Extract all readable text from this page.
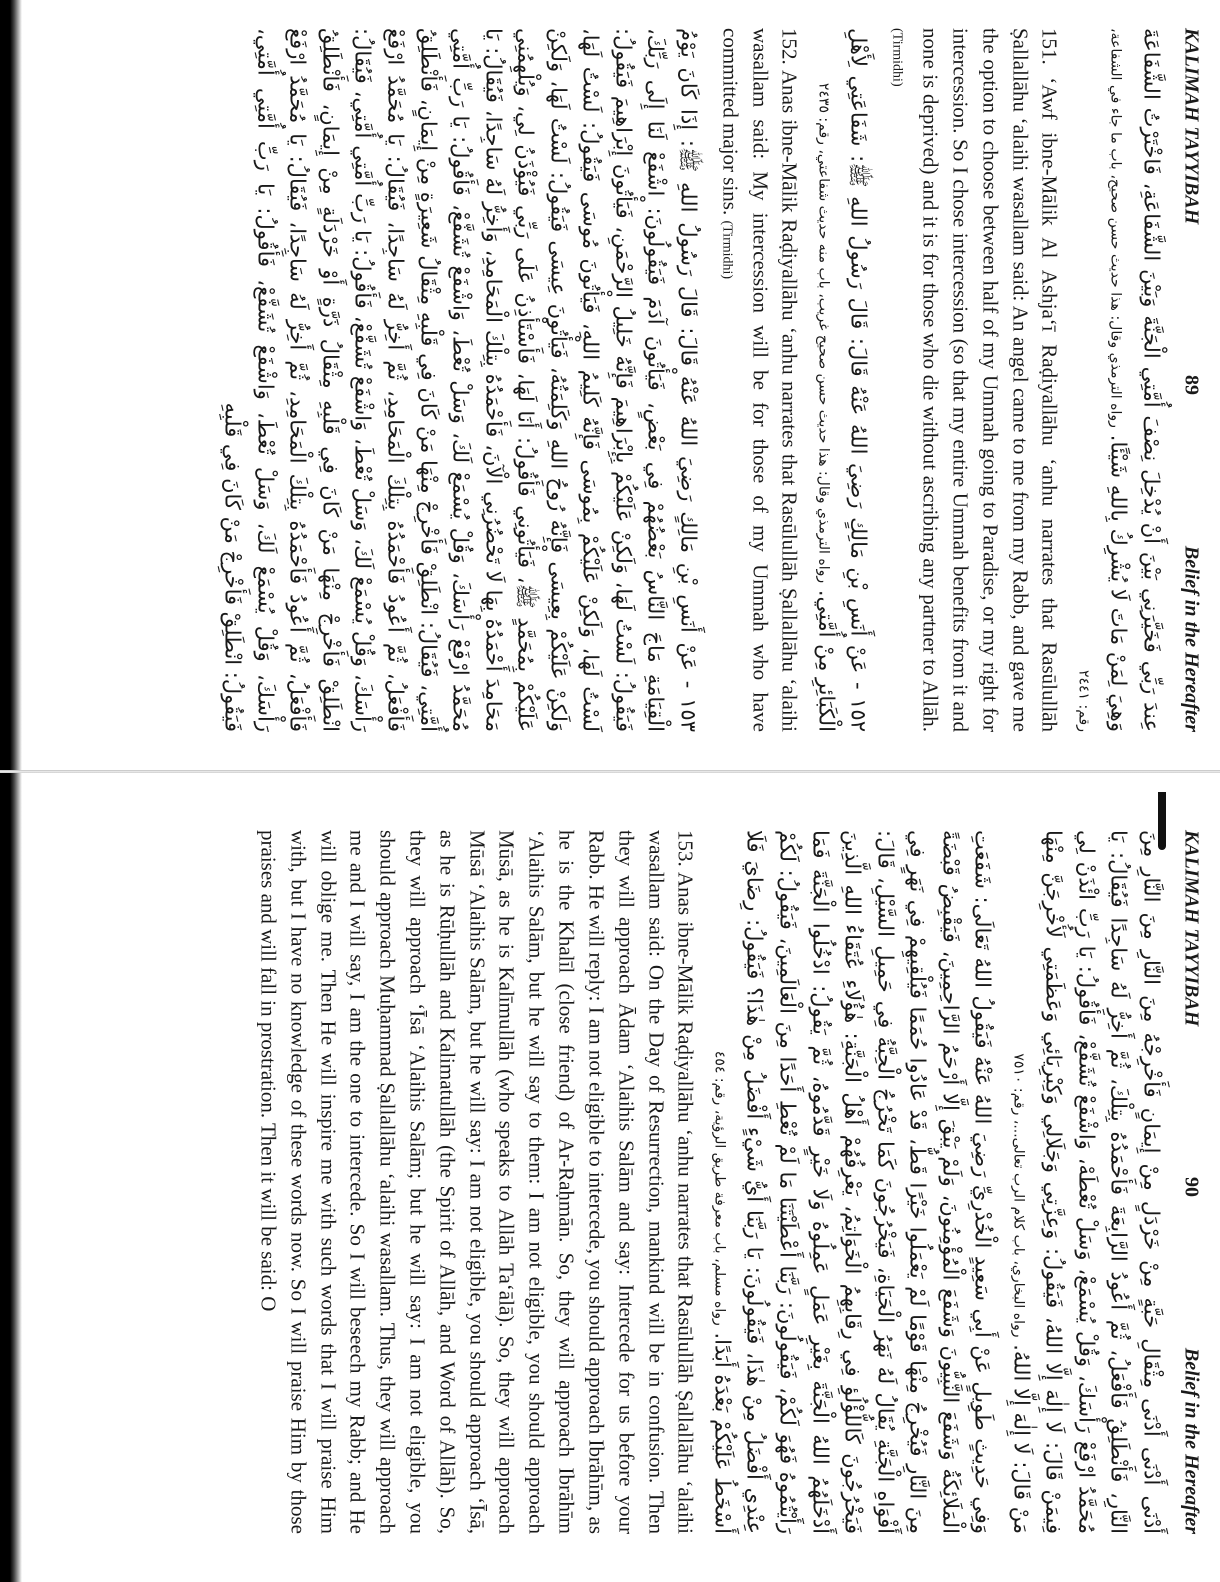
KALIMAH TAYYIBAH
89
Belief in the Hereafter

عِندَ رَبِّي فَخَيَّرَنِي بَيْنَ أَنْ يُدْخِلَ نِصْفَ أُمَّتِي الْجَنَّةَ وَبَيْنَ الشَّفَاعَةِ، فَاخْتَرْتُ الشَّفَاعَةَ وَهِيَ لِمَنْ مَاتَ لَا يُشْرِكُ بِاللهِ شَيْئًا. رواه الترمذي وقال: هذا حديث حسن صحيح، باب ما جاء في الشفاعة، رقم: ٢٤٤١

151. ‘Awf ibne-Mālik Al Ashja‘ī Raḍiyallāhu ‘anhu narrates that Rasūlullāh Ṣallallāhu ‘alaihi wasallam said: An angel came to me from my Rabb, and gave me the option to choose between half of my Ummah going to Paradise, or my right for intercession. So I chose intercession (so that my entire Ummah benefits from it and none is deprived) and it is for those who die without ascribing any partner to Allāh. (Tirmidhi)

١٥٢ - عَنْ أَنَسِ بْنِ مَالِكٍ رَضِيَ اللهُ عَنْهُ قَالَ: قَالَ رَسُولُ اللهِ ﷺ: شَفَاعَتِي لِأَهْلِ الْكَبَائِرِ مِنْ أُمَّتِي. رواه الترمذي وقال: هذا حديث حسن صحيح غريب، باب منه حديث شفاعتي، رقم: ٢٤٣٥

152. Anas ibne-Mālik Raḍiyallāhu ‘anhu narrates that Rasūlullāh Ṣallallāhu ‘alaihi wasallam said: My intercession will be for those of my Ummah who have committed major sins. (Tirmidhi)

١٥٣ - عَنْ أَنَسِ بْنِ مَالِكٍ رَضِيَ اللهُ عَنْهُ قَالَ: قَالَ رَسُولُ اللهِ ﷺ: إِذَا كَانَ يَوْمُ الْقِيَامَةِ مَاجَ النَّاسُ بَعْضُهُمْ فِي بَعْضٍ، فَيَأْتُونَ آدَمَ فَيَقُولُونَ: اشْفَعْ لَنَا إِلَى رَبِّكَ، فَيَقُولُ: لَسْتُ لَهَا، وَلَكِنْ عَلَيْكُمْ بِإِبْرَاهِيمَ فَإِنَّهُ خَلِيلُ الرَّحْمَنِ، فَيَأْتُونَ إِبْرَاهِيمَ فَيَقُولُ: لَسْتُ لَهَا، وَلَكِنْ عَلَيْكُمْ بِمُوسَى فَإِنَّهُ كَلِيمُ اللهِ، فَيَأْتُونَ مُوسَى فَيَقُولُ: لَسْتُ لَهَا، وَلَكِنْ عَلَيْكُمْ بِعِيسَى فَإِنَّهُ رُوحُ اللهِ وَكَلِمَتُهُ، فَيَأْتُونَ عِيسَى فَيَقُولُ: لَسْتُ لَهَا، وَلَكِنْ عَلَيْكُمْ بِمُحَمَّدٍ ﷺ، فَيَأْتُونِي فَأَقُولُ: أَنَا لَهَا، فَأَسْتَأْذِنُ عَلَى رَبِّي فَيُؤْذَنُ لِي، وَيُلْهِمُنِي مَحَامِدَ أَحْمَدُهُ بِهَا لَا تَحْضُرُنِي الْآنَ، فَأَحْمَدُهُ بِتِلْكَ الْمَحَامِدِ، وَأَخِرُّ لَهُ سَاجِدًا، فَيُقَالُ: يَا مُحَمَّدُ ارْفَعْ رَأْسَكَ، وَقُلْ يُسْمَعْ لَكَ، وَسَلْ تُعْطَ، وَاشْفَعْ تُشَفَّعْ، فَأَقُولُ: يَا رَبِّ أُمَّتِي أُمَّتِي، فَيُقَالُ: انْطَلِقْ فَأَخْرِجْ مِنْهَا مَنْ كَانَ فِي قَلْبِهِ مِثْقَالُ شَعِيرَةٍ مِنْ إِيمَانٍ، فَأَنْطَلِقُ فَأَفْعَلُ، ثُمَّ أَعُودُ فَأَحْمَدُهُ بِتِلْكَ الْمَحَامِدِ، ثُمَّ أَخِرُّ لَهُ سَاجِدًا، فَيُقَالُ: يَا مُحَمَّدُ ارْفَعْ رَأْسَكَ، وَقُلْ يُسْمَعْ لَكَ، وَسَلْ تُعْطَ، وَاشْفَعْ تُشَفَّعْ، فَأَقُولُ: يَا رَبِّ أُمَّتِي أُمَّتِي، فَيُقَالُ: انْطَلِقْ فَأَخْرِجْ مِنْهَا مَنْ كَانَ فِي قَلْبِهِ مِثْقَالُ ذَرَّةٍ أَوْ خَرْدَلَةٍ مِنْ إِيمَانٍ، فَأَنْطَلِقُ فَأَفْعَلُ، ثُمَّ أَعُودُ فَأَحْمَدُهُ بِتِلْكَ الْمَحَامِدِ، ثُمَّ أَخِرُّ لَهُ سَاجِدًا، فَيُقَالُ: يَا مُحَمَّدُ ارْفَعْ رَأْسَكَ، وَقُلْ يُسْمَعْ لَكَ، وَسَلْ تُعْطَ، وَاشْفَعْ تُشَفَّعْ، فَأَقُولُ: يَا رَبِّ أُمَّتِي أُمَّتِي، فَيَقُولُ: انْطَلِقْ فَأَخْرِجْ مَنْ كَانَ فِي قَلْبِهِ

KALIMAH TAYYIBAH
90
Belief in the Hereafter

أَدْنَى أَدْنَى أَدْنَى مِثْقَالِ حَبَّةٍ مِنْ خَرْدَلٍ مِنْ إِيمَانٍ فَأَخْرِجْهُ مِنَ النَّارِ مِنَ النَّارِ مِنَ النَّارِ، فَأَنْطَلِقُ فَأَفْعَلُ، ثُمَّ أَعُودُ الرَّابِعَةَ فَأَحْمَدُهُ بِتِلْكَ، ثُمَّ أَخِرُّ لَهُ سَاجِدًا فَيُقَالُ: يَا مُحَمَّدُ ارْفَعْ رَأْسَكَ، وَقُلْ يُسْمَعْ، وَسَلْ تُعْطَهْ، وَاشْفَعْ تُشَفَّعْ، فَأَقُولُ: يَا رَبِّ ائْذَنْ لِي فِيمَنْ قَالَ: لَا إِلٰهَ إِلَّا اللهُ، فَيَقُولُ: وَعِزَّتِي وَجَلَالِي وَكِبْرِيَائِي وَعَظَمَتِي لَأُخْرِجَنَّ مِنْهَا مَنْ قَالَ: لَا إِلٰهَ إِلَّا اللهُ. رواه البخاري، باب كلام الرب تعالى...، رقم: ٧٥١٠

وَفِي حَدِيثٍ طَوِيلٍ عَنْ أَبِي سَعِيدٍ الْخُدْرِيِّ رَضِيَ اللهُ عَنْهُ فَيَقُولُ اللهُ تَعَالَى: شَفَعَتِ الْمَلَائِكَةُ وَشَفَعَ النَّبِيُّونَ وَشَفَعَ الْمُؤْمِنُونَ، وَلَمْ يَبْقَ إِلَّا أَرْحَمُ الرَّاحِمِينَ، فَيَقْبِضُ قَبْضَةً مِنَ النَّارِ فَيُخْرِجُ مِنْهَا قَوْمًا لَمْ يَعْمَلُوا خَيْرًا قَطُّ، قَدْ عَادُوا حُمَمًا فَيُلْقِيهِمْ فِي نَهَرٍ فِي أَفْوَاهِ الْجَنَّةِ يُقَالُ لَهُ نَهَرُ الْحَيَاةِ، فَيَخْرُجُونَ كَمَا تَخْرُجُ الْحِبَّةُ فِي حَمِيلِ السَّيْلِ، قَالَ: فَيَخْرُجُونَ كَاللُّؤْلُؤِ فِي رِقَابِهِمُ الْخَوَاتِمُ، يَعْرِفُهُمْ أَهْلُ الْجَنَّةِ: هٰؤُلَاءِ عُتَقَاءُ اللهِ الَّذِينَ أَدْخَلَهُمُ اللهُ الْجَنَّةَ بِغَيْرِ عَمَلٍ عَمِلُوهُ وَلَا خَيْرٍ قَدَّمُوهُ، ثُمَّ يَقُولُ: ادْخُلُوا الْجَنَّةَ فَمَا رَأَيْتُمُوهُ فَهُوَ لَكُمْ، فَيَقُولُونَ: رَبَّنَا أَعْطَيْتَنَا مَا لَمْ تُعْطِ أَحَدًا مِنَ الْعَالَمِينَ، فَيَقُولُ: لَكُمْ عِنْدِي أَفْضَلُ مِنْ هٰذَا، فَيَقُولُونَ: يَا رَبَّنَا أَيُّ شَيْءٍ أَفْضَلُ مِنْ هٰذَا؟ فَيَقُولُ: رِضَايَ فَلَا أَسْخَطُ عَلَيْكُمْ بَعْدَهُ أَبَدًا. رواه مسلم، باب معرفة طريق الرؤية، رقم: ٤٥٤

153. Anas ibne-Mālik Raḍiyallāhu ‘anhu narrates that Rasūlullāh Ṣallallāhu ‘alaihi wasallam said: On the Day of Resurrection, mankind will be in confusion. Then they will approach Ādam ‘Alaihis Salām and say: Intercede for us before your Rabb. He will reply: I am not eligible to intercede, you should approach Ibrāhīm, as he is the Khalīl (close friend) of Ar-Raḥmān. So, they will approach Ibrāhīm ‘Alaihis Salām, but he will say to them: I am not eligible, you should approach Mūsā, as he is Kalīmullāh (who speaks to Allāh Ta‘ālā). So, they will approach Mūsā ‘Alaihis Salām, but he will say: I am not eligible, you should approach ‘Īsā, as he is Rūḥullāh and Kalimatullāh (the Spirit of Allāh, and Word of Allāh). So, they will approach ‘Īsā ‘Alaihis Salām; but he will say: I am not eligible, you should approach Muḥammad Ṣallallāhu ‘alaihi wasallam. Thus, they will approach me and I will say, I am the one to intercede. So I will beseech my Rabb; and He will oblige me. Then He will inspire me with such words that I will praise Him with, but I have no knowledge of these words now. So I will praise Him by those praises and will fall in prostration. Then it will be said: O
